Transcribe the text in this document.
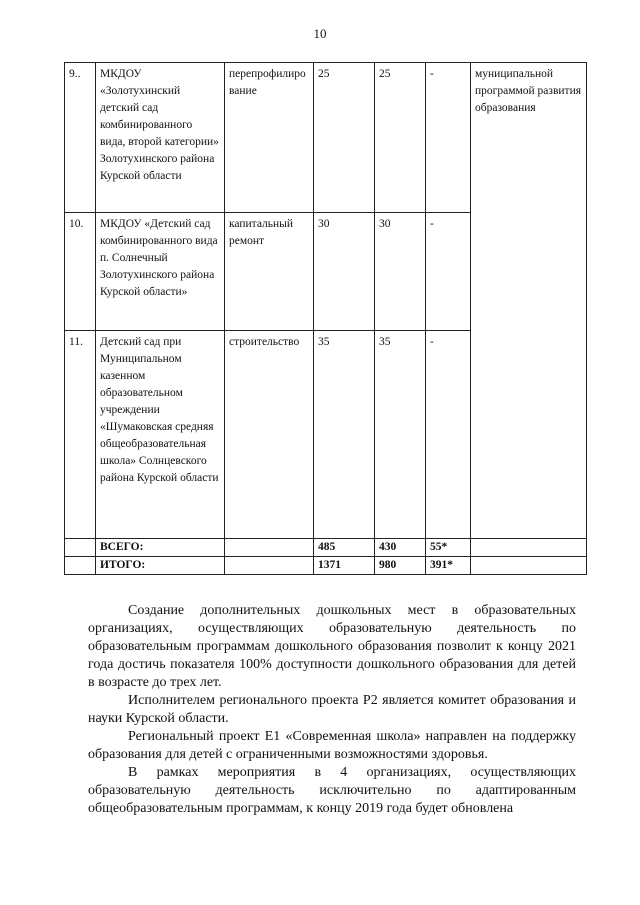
10
9..	МКДОУ «Золотухинский детский сад комбинированного вида, второй категории» Золотухинского района Курской области	перепрофилирование	25	25	-	муниципальной программой развития образования
10.	МКДОУ «Детский сад комбинированного вида п. Солнечный Золотухинского района Курской области»	капитальный ремонт	30	30	-	
11.	Детский сад при Муниципальном казенном образовательном учреждении «Шумаковская средняя общеобразовательная школа» Солнцевского района Курской области	строительство	35	35	-	
	ВСЕГО:		485	430	55*	
	ИТОГО:		1371	980	391*	

Создание дополнительных дошкольных мест в образовательных организациях, осуществляющих образовательную деятельность по образовательным программам дошкольного образования позволит к концу 2021 года достичь показателя 100% доступности дошкольного образования для детей в возрасте до трех лет.

Исполнителем регионального проекта Р2 является комитет образования и науки Курской области.

Региональный проект Е1 «Современная школа» направлен на поддержку образования для детей с ограниченными возможностями здоровья.

В рамках мероприятия в 4 организациях, осуществляющих образовательную деятельность исключительно по адаптированным общеобразовательным программам, к концу 2019 года будет обновлена
